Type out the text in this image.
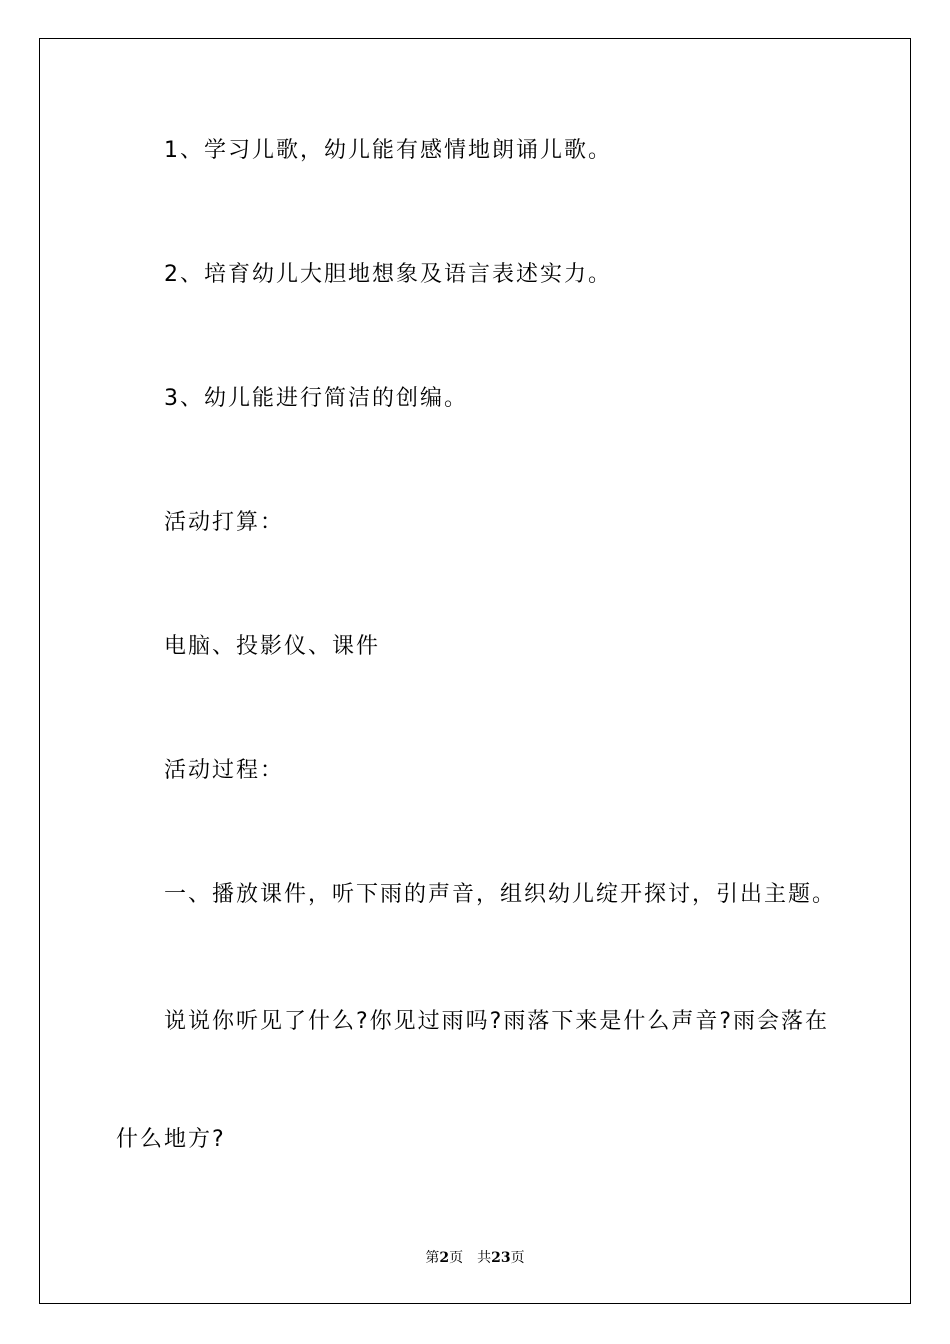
1、学习儿歌，幼儿能有感情地朗诵儿歌。
2、培育幼儿大胆地想象及语言表述实力。
3、幼儿能进行简洁的创编。
活动打算：
电脑、投影仪、课件
活动过程：
一、播放课件，听下雨的声音，组织幼儿绽开探讨，引出主题。
说说你听见了什么?你见过雨吗?雨落下来是什么声音?雨会落在什么地方?
第2页 共23页
